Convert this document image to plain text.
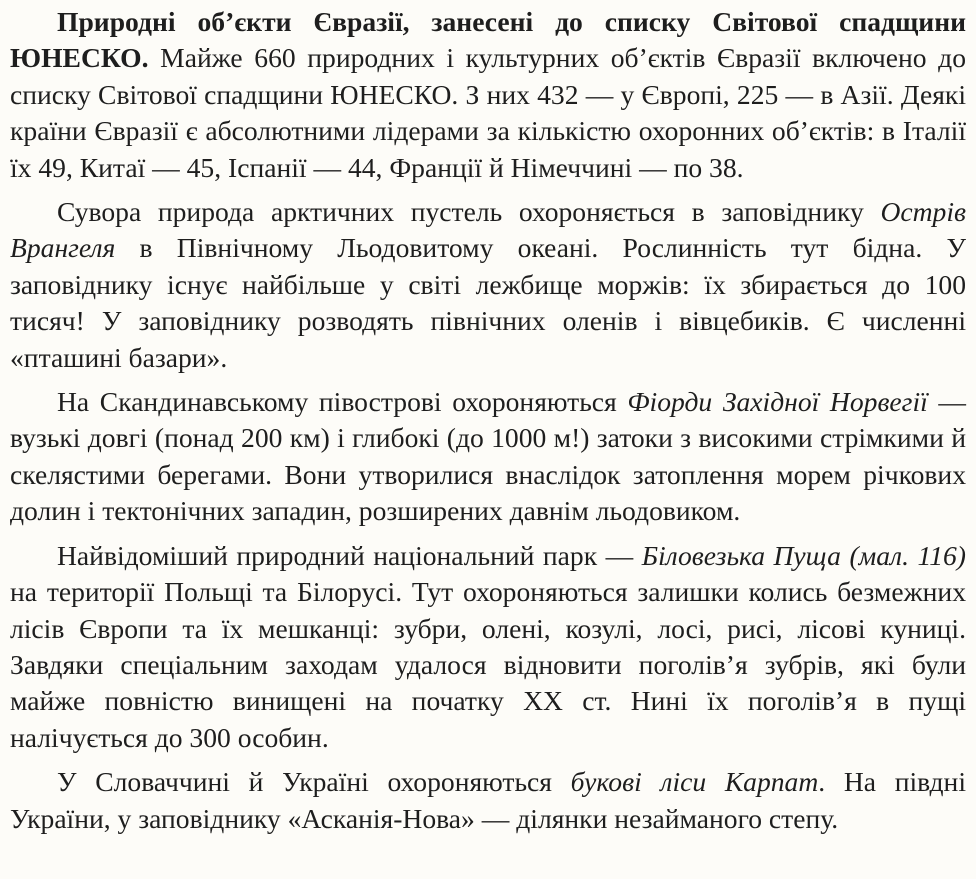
Природні об’єкти Євразії, занесені до списку Світової спадщини ЮНЕСКО. Майже 660 природних і культурних об’єктів Євразії включено до списку Світової спадщини ЮНЕСКО. З них 432 — у Європі, 225 — в Азії. Деякі країни Євразії є абсолютними лідерами за кількістю охоронних об’єктів: в Італії їх 49, Китаї — 45, Іспанії — 44, Франції й Німеччині — по 38.

Сувора природа арктичних пустель охороняється в заповіднику Острів Врангеля в Північному Льодовитому океані. Рослинність тут бідна. У заповіднику існує найбільше у світі лежбище моржів: їх збирається до 100 тисяч! У заповіднику розводять північних оленів і вівцебиків. Є численні «пташині базари».

На Скандинавському півострові охороняються Фіорди Західної Норвегії — вузькі довгі (понад 200 км) і глибокі (до 1000 м!) затоки з високими стрімкими й скелястими берегами. Вони утворилися внаслідок затоплення морем річкових долин і тектонічних западин, розширених давнім льодовиком.

Найвідоміший природний національний парк — Біловезька Пуща (мал. 116) на території Польщі та Білорусі. Тут охороняються залишки колись безмежних лісів Європи та їх мешканці: зубри, олені, козулі, лосі, рисі, лісові куниці. Завдяки спеціальним заходам удалося відновити поголів’я зубрів, які були майже повністю винищені на початку XX ст. Нині їх поголів’я в пущі налічується до 300 особин.

У Словаччині й Україні охороняються букові ліси Карпат. На півдні України, у заповіднику «Асканія-Нова» — ділянки незайманого степу.
